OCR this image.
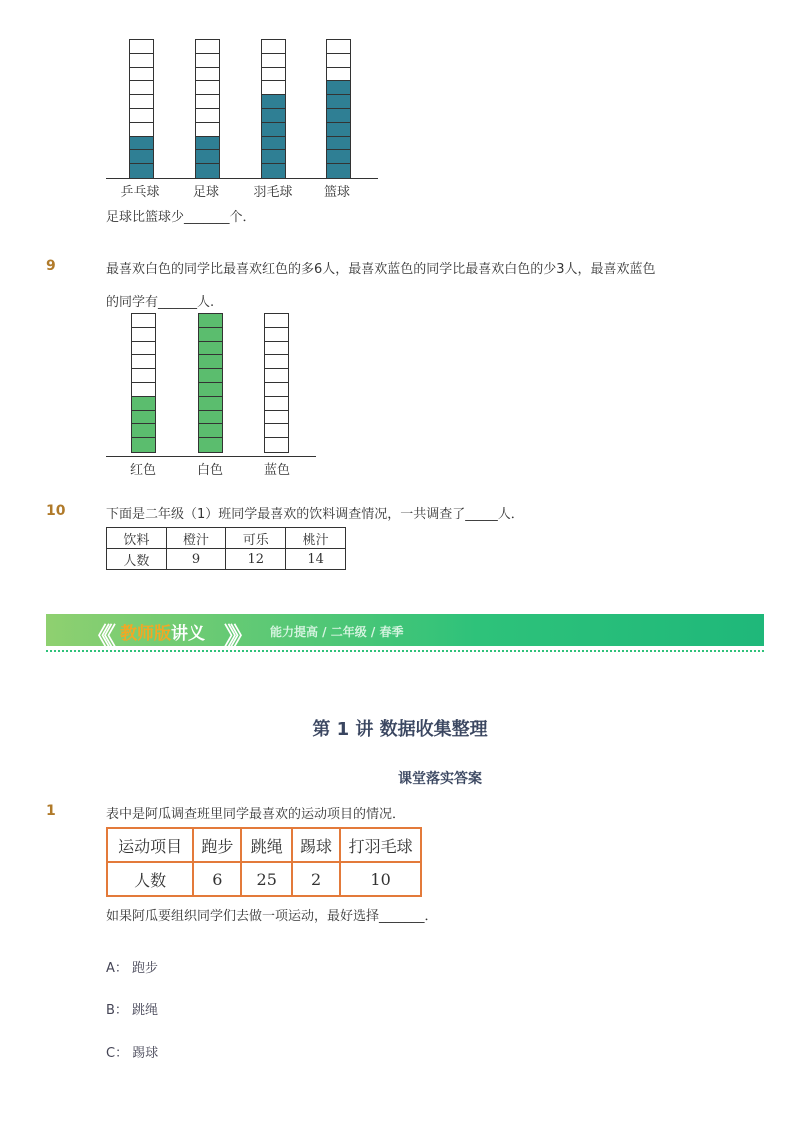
乒乓球	足球	羽毛球	篮球
足球比篮球少_______个．
9	最喜欢白色的同学比最喜欢红色的多6人，最喜欢蓝色的同学比最喜欢白色的少3人，最喜欢蓝色
的同学有______人.
红色	白色	蓝色
10	下面是二年级（1）班同学最喜欢的饮料调查情况，一共调查了_____人．
饮料	橙汁	可乐	桃汁
人数	9	12	14
《《 教师版讲义 》》 能力提高 / 二年级 / 春季
第 1 讲 数据收集整理
课堂落实答案
1	表中是阿瓜调查班里同学最喜欢的运动项目的情况．
运动项目	跑步	跳绳	踢球	打羽毛球
人数	6	25	2	10
如果阿瓜要组织同学们去做一项运动，最好选择_______．
A： 跑步
B： 跳绳
C： 踢球
